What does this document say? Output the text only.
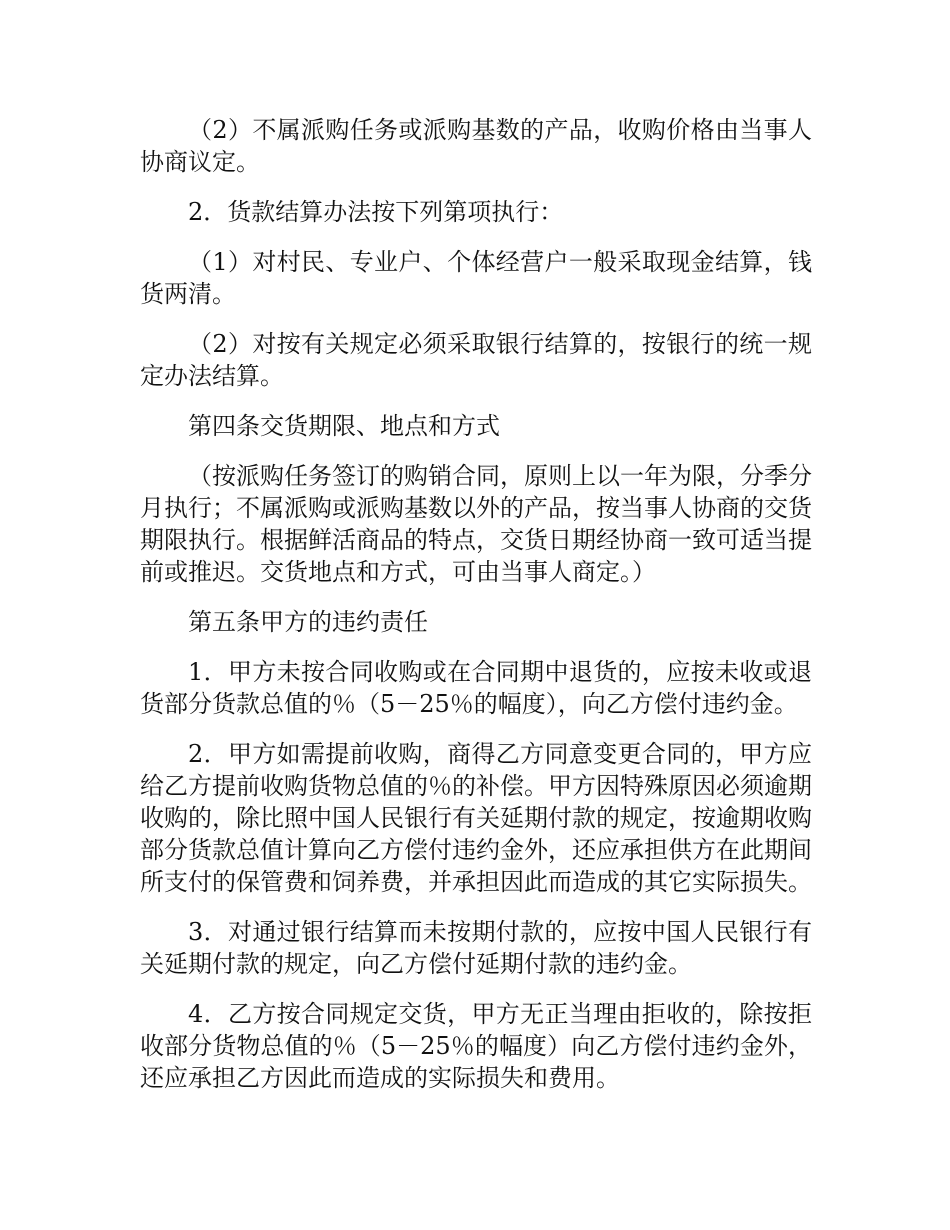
（2）不属派购任务或派购基数的产品，收购价格由当事人协商议定。

2．货款结算办法按下列第项执行：

（1）对村民、专业户、个体经营户一般采取现金结算，钱货两清。

（2）对按有关规定必须采取银行结算的，按银行的统一规定办法结算。

第四条交货期限、地点和方式

（按派购任务签订的购销合同，原则上以一年为限，分季分月执行；不属派购或派购基数以外的产品，按当事人协商的交货期限执行。根据鲜活商品的特点，交货日期经协商一致可适当提前或推迟。交货地点和方式，可由当事人商定。）

第五条甲方的违约责任

1．甲方未按合同收购或在合同期中退货的，应按未收或退货部分货款总值的％（5－25％的幅度），向乙方偿付违约金。

2．甲方如需提前收购，商得乙方同意变更合同的，甲方应给乙方提前收购货物总值的％的补偿。甲方因特殊原因必须逾期收购的，除比照中国人民银行有关延期付款的规定，按逾期收购部分货款总值计算向乙方偿付违约金外，还应承担供方在此期间所支付的保管费和饲养费，并承担因此而造成的其它实际损失。

3．对通过银行结算而未按期付款的，应按中国人民银行有关延期付款的规定，向乙方偿付延期付款的违约金。

4．乙方按合同规定交货，甲方无正当理由拒收的，除按拒收部分货物总值的％（5－25％的幅度）向乙方偿付违约金外，还应承担乙方因此而造成的实际损失和费用。
